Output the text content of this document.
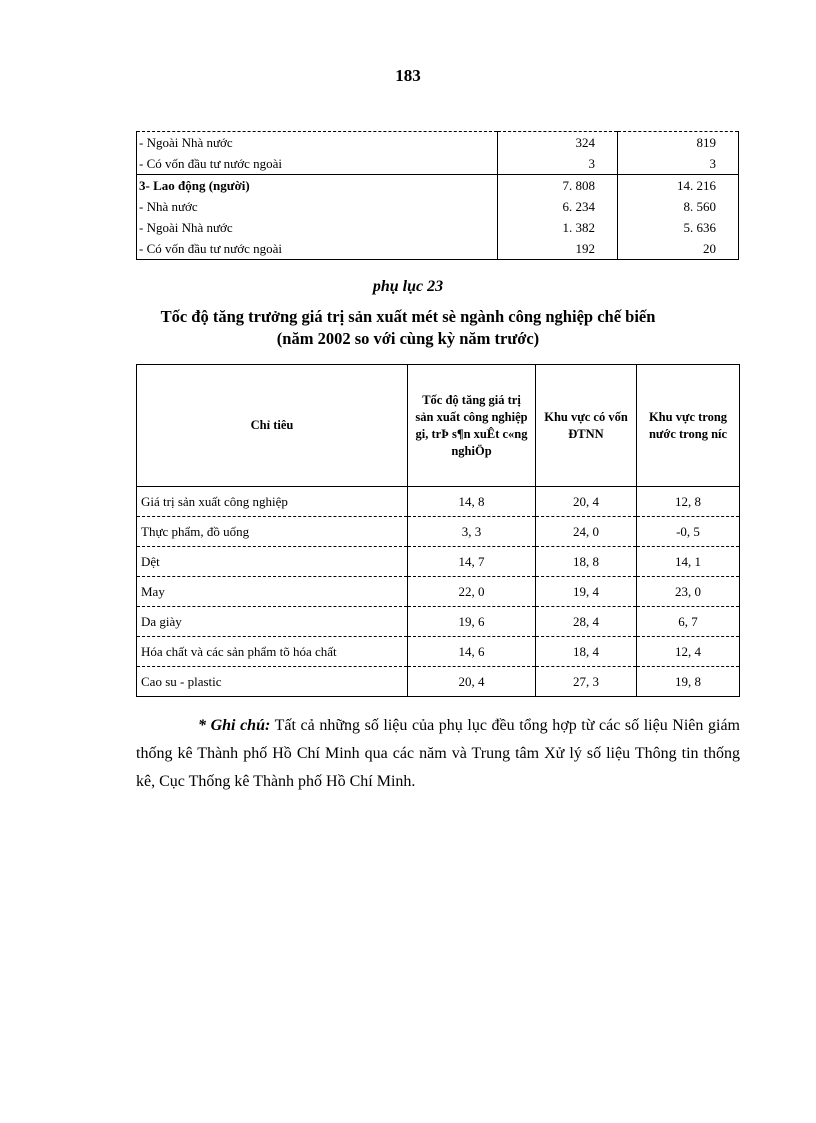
183
- Ngoài Nhà nước	324	819
- Có vốn đầu tư nước ngoài	3	3
3- Lao động (người)	7. 808	14. 216
- Nhà nước	6. 234	8. 560
- Ngoài Nhà nước	1. 382	5. 636
- Có vốn đầu tư nước ngoài	192	20
phụ lục 23
Tốc độ tăng trưởng giá trị sản xuất mét sè ngành công nghiệp chế biến
(năm 2002 so với cùng kỳ năm trước)
Chỉ tiêu	Tốc độ tăng giá trị sản xuất công nghiệp gi, trÞ s¶n xuÊt c«ng nghiÖp	Khu vực có vốn ĐTNN	Khu vực trong nước trong níc
Giá trị sản xuất công nghiệp	14, 8	20, 4	12, 8
Thực phẩm, đồ uống	3, 3	24, 0	-0, 5
Dệt	14, 7	18, 8	14, 1
May	22, 0	19, 4	23, 0
Da giày	19, 6	28, 4	6, 7
Hóa chất và các sản phẩm tõ hóa chất	14, 6	18, 4	12, 4
Cao su - plastic	20, 4	27, 3	19, 8
* Ghi chú: Tất cả những số liệu của phụ lục đều tổng hợp từ các số liệu Niên giám thống kê Thành phố Hồ Chí Minh qua các năm và Trung tâm Xử lý số liệu Thông tin thống kê, Cục Thống kê Thành phố Hồ Chí Minh.
